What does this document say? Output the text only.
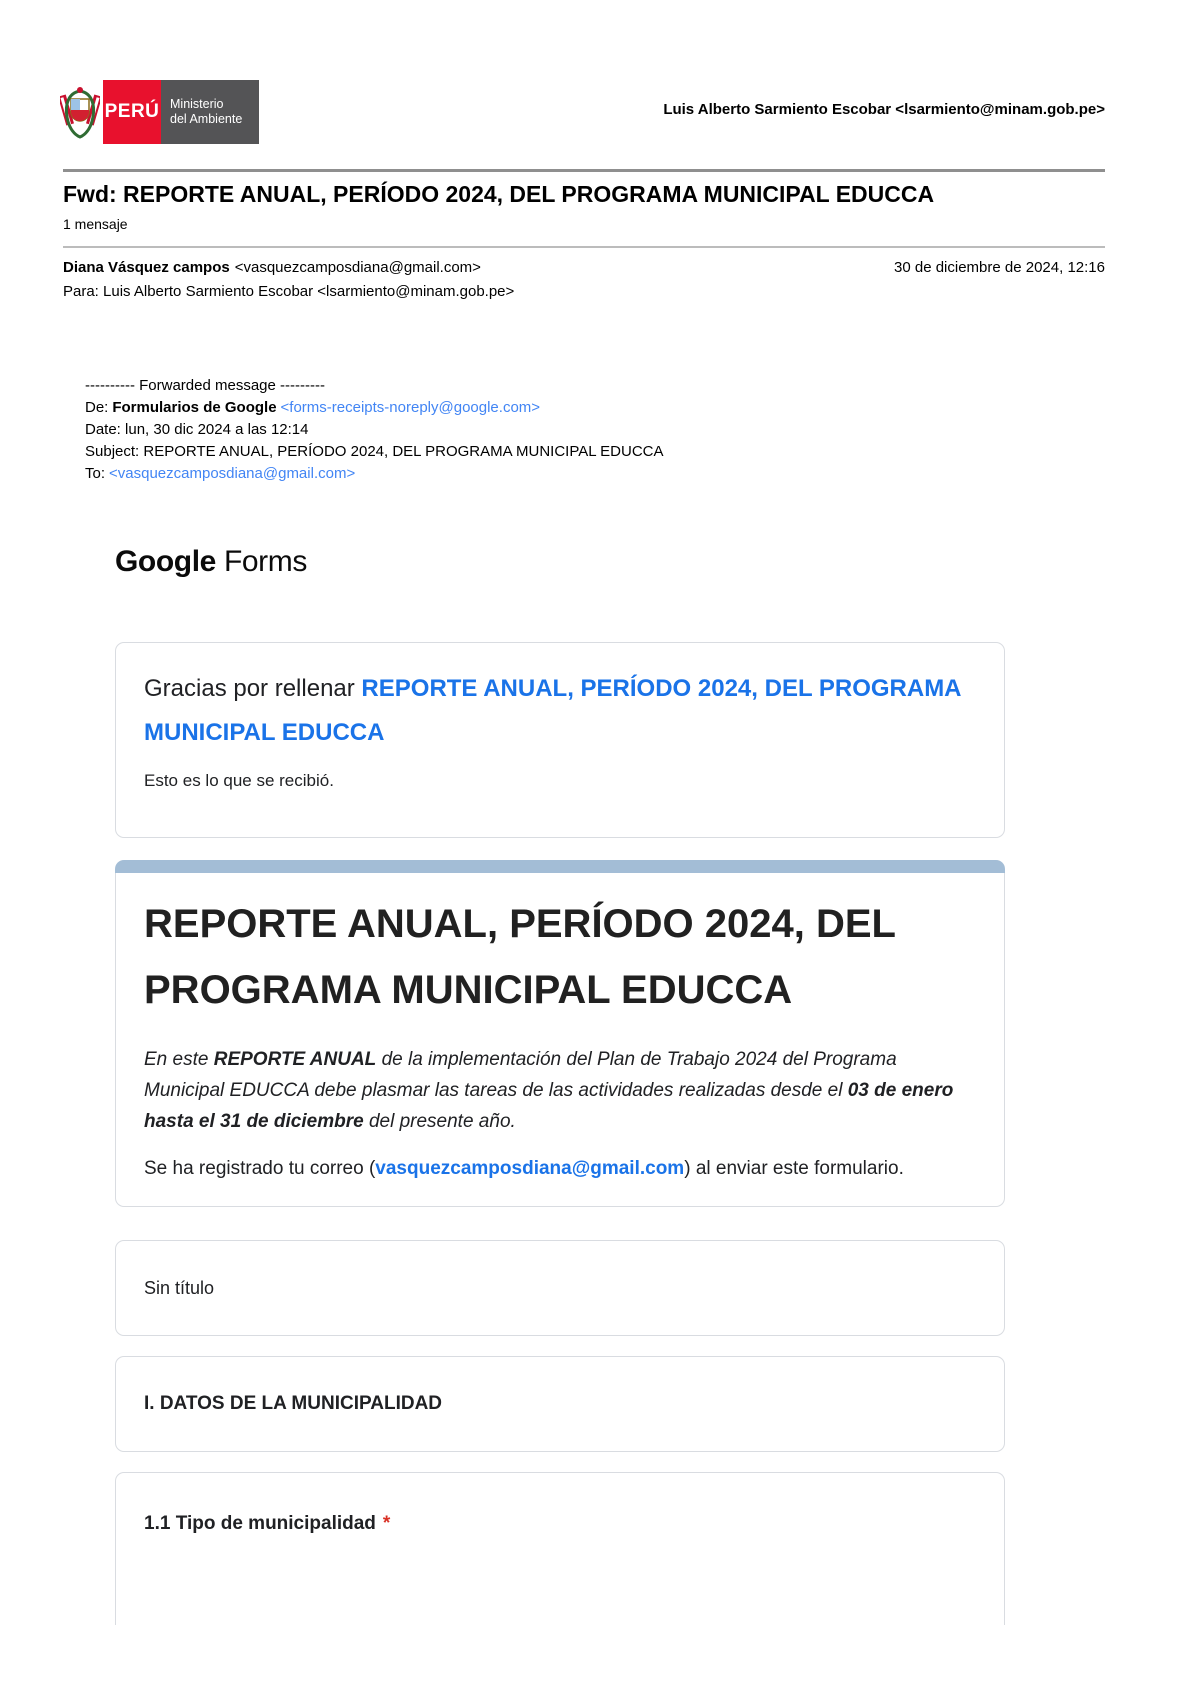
PERÚ Ministerio
del Ambiente
Luis Alberto Sarmiento Escobar <lsarmiento@minam.gob.pe>
Fwd: REPORTE ANUAL, PERÍODO 2024, DEL PROGRAMA MUNICIPAL EDUCCA
1 mensaje
Diana Vásquez campos <vasquezcamposdiana@gmail.com>	30 de diciembre de 2024, 12:16
Para: Luis Alberto Sarmiento Escobar <lsarmiento@minam.gob.pe>
---------- Forwarded message ---------
De: Formularios de Google <forms-receipts-noreply@google.com>
Date: lun, 30 dic 2024 a las 12:14
Subject: REPORTE ANUAL, PERÍODO 2024, DEL PROGRAMA MUNICIPAL EDUCCA
To: <vasquezcamposdiana@gmail.com>
Google Forms
Gracias por rellenar REPORTE ANUAL, PERÍODO 2024, DEL PROGRAMA MUNICIPAL EDUCCA

Esto es lo que se recibió.

REPORTE ANUAL, PERÍODO 2024, DEL PROGRAMA MUNICIPAL EDUCCA

En este REPORTE ANUAL de la implementación del Plan de Trabajo 2024 del Programa Municipal EDUCCA debe plasmar las tareas de las actividades realizadas desde el 03 de enero hasta el 31 de diciembre del presente año.

Se ha registrado tu correo (vasquezcamposdiana@gmail.com) al enviar este formulario.

Sin título
I. DATOS DE LA MUNICIPALIDAD
1.1 Tipo de municipalidad *
